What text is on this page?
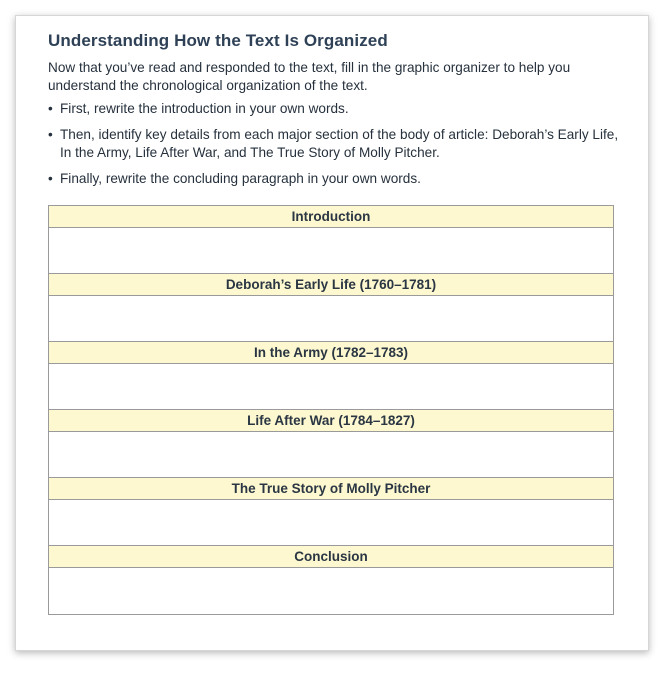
Understanding How the Text Is Organized

Now that you’ve read and responded to the text, fill in the graphic organizer to help you understand the chronological organization of the text.

• First, rewrite the introduction in your own words.
• Then, identify key details from each major section of the body of article: Deborah’s Early Life, In the Army, Life After War, and The True Story of Molly Pitcher.
• Finally, rewrite the concluding paragraph in your own words.
Introduction
Deborah’s Early Life (1760–1781)
In the Army (1782–1783)
Life After War (1784–1827)
The True Story of Molly Pitcher
Conclusion
